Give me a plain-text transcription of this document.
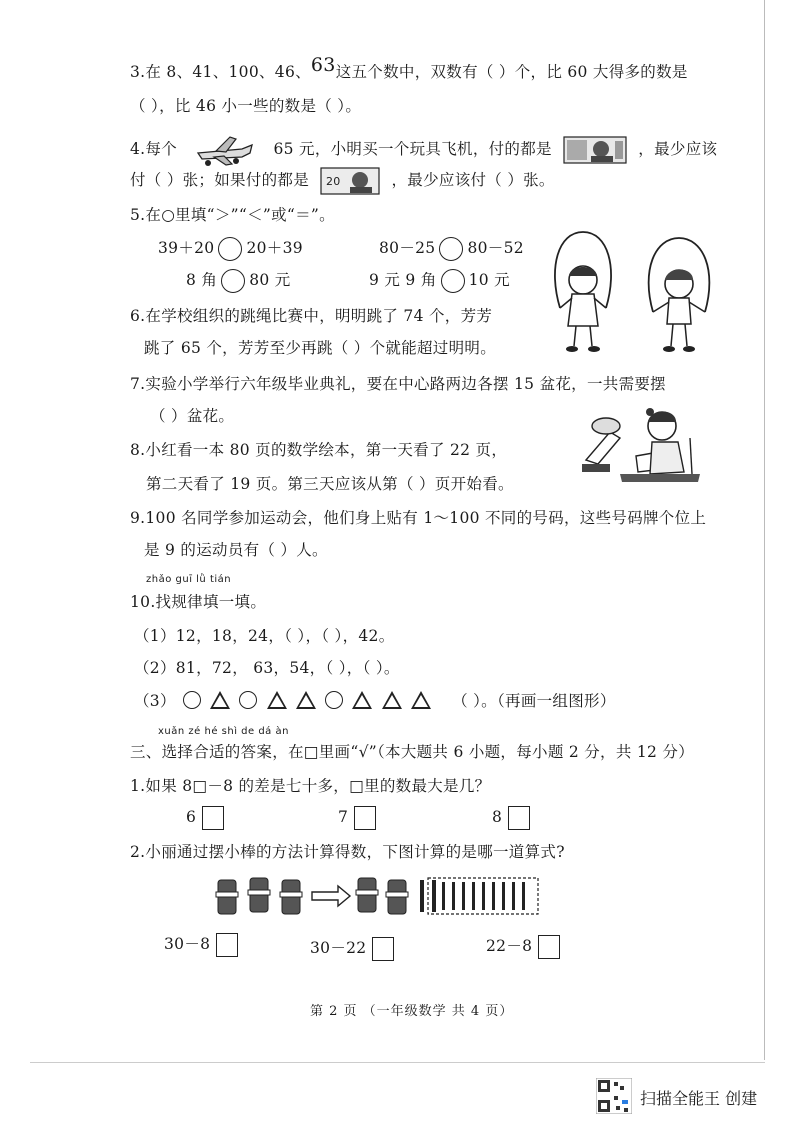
3.在 8、41、100、46、63这五个数中，双数有（ ）个，比 60 大得多的数是
（ ），比 46 小一些的数是（ ）。
4.每个	65 元，小明买一个玩具飞机，付的都是	，最少应该
付（ ）张；如果付的都是 20	，最少应该付（ ）张。
5.在○里填“＞”“＜”或“＝”。
39＋20 20＋39	80－25 80－52
8 角 80 元	9 元 9 角 10 元
6.在学校组织的跳绳比赛中，明明跳了 74 个，芳芳
跳了 65 个，芳芳至少再跳（ ）个就能超过明明。
7.实验小学举行六年级毕业典礼，要在中心路两边各摆 15 盆花，一共需要摆
（ ）盆花。
8.小红看一本 80 页的数学绘本，第一天看了 22 页，
第二天看了 19 页。第三天应该从第（ ）页开始看。
9.100 名同学参加运动会，他们身上贴有 1～100 不同的号码，这些号码牌个位上
是 9 的运动员有（ ）人。
zhǎo guī lǜ tián
10.找规律填一填。
（1）12，18，24，（ ），（ ），42。
（2）81，72， 63，54，（ ），（ ）。
（3）	（ ）。（再画一组图形）
xuǎn zé hé shì de dá àn
三、选择合适的答案，在□里画“√”（本大题共 6 小题，每小题 2 分，共 12 分）
1.如果 8□－8 的差是七十多，□里的数最大是几？
6	7	8
2.小丽通过摆小棒的方法计算得数，下图计算的是哪一道算式?
30－8	30－22	22－8
第 2 页 （一年级数学 共 4 页）
扫描全能王 创建
